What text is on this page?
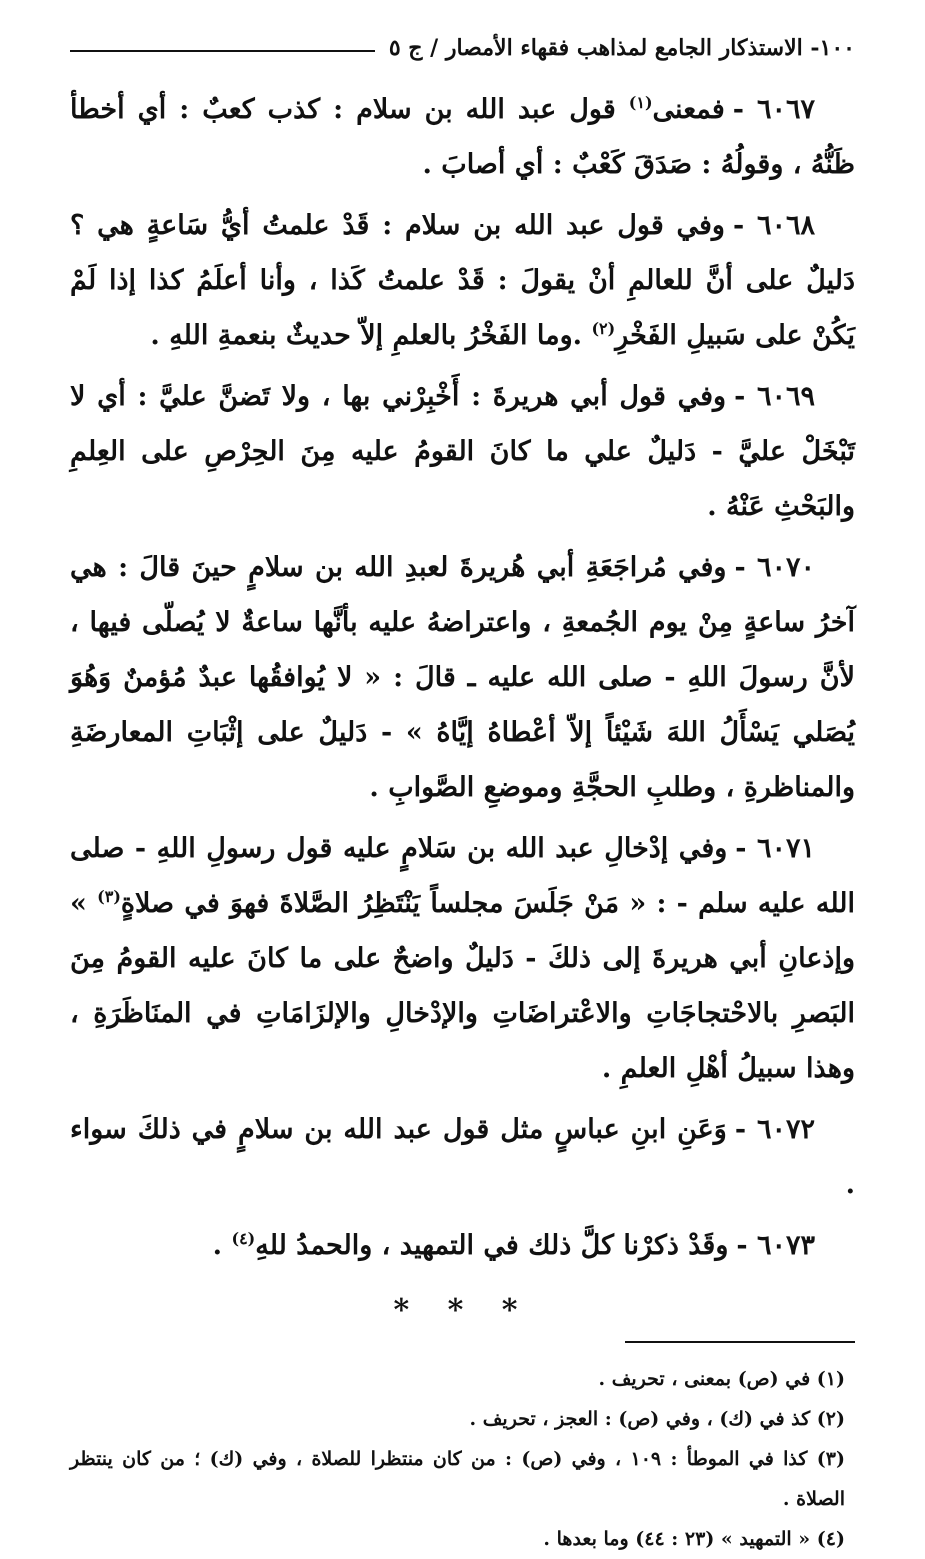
١٠٠- الاستذكار الجامع لمذاهب فقهاء الأمصار / ج ٥

٦٠٦٧ -فمعنى$^{(١)}$ قول عبد الله بن سلام : كذب كعبٌ : أي أخطأ ظَنُّهُ ، وقولُهُ : صَدَقَ كَعْبٌ : أي أصابَ .

٦٠٦٨ -وفي قول عبد الله بن سلام : قَدْ علمتُ أيُّ سَاعةٍ هي ؟ دَليلٌ على أنَّ للعالمِ أنْ يقولَ : قَدْ علمتُ كَذا ، وأنا أعلَمُ كذا إذا لَمْ يَكُنْ على سَبيلِ الفَخْرِ$^{(٢)}$ .وما الفَخْرُ بالعلمِ إلاّ حديثٌ بنعمةِ اللهِ .

٦٠٦٩ -وفي قول أبي هريرةَ : أَخْبِرْني بها ، ولا تَضنَّ عليَّ : أي لا تَبْخَلْ عليَّ - دَليلٌ علي ما كانَ القومُ عليه مِنَ الحِرْصِ على العِلمِ والبَحْثِ عَنْهُ .

٦٠٧٠ -وفي مُراجَعَةِ أبي هُريرةَ لعبدِ الله بن سلامٍ حينَ قالَ : هي آخرُ ساعةٍ مِنْ يوم الجُمعةِ ، واعتراضهُ عليه بأنَّها ساعةٌ لا يُصلّى فيها ، لأنَّ رسولَ اللهِ - صلى الله عليه ـ قالَ : « لا يُوافقُها عبدٌ مُؤمنٌ وَهُوَ يُصَلي يَسْأَلُ اللهَ شَيْئاً إلاّ أعْطاهُ إيَّاهُ » - دَليلٌ على إثْبَاتِ المعارضَةِ والمناظرةِ ، وطلبِ الحجَّةِ وموضعِ الصَّوابِ .

٦٠٧١ -وفي إدْخالِ عبد الله بن سَلامٍ عليه قول رسولِ اللهِ - صلى الله عليه سلم - : « مَنْ جَلَسَ مجلساً يَنْتَظِرُ الصَّلاةَ فهوَ في صلاةٍ$^{(٣)}$ » وإذعانِ أبي هريرةَ إلى ذلكَ - دَليلٌ واضحٌ على ما كانَ عليه القومُ مِنَ البَصرِ بالاحْتجاجَاتِ والاعْتراضَاتِ والإدْخالِ والإلزَامَاتِ في المنَاظَرَةِ ، وهذا سبيلُ أهْلِ العلمِ .

٦٠٧٢ -وَعَنِ ابنِ عباسٍ مثل قول عبد الله بن سلامٍ في ذلكَ سواء .

٦٠٧٣ -وقَدْ ذكرْنا كلَّ ذلك في التمهيد ، والحمدُ للهِ$^{(٤)}$ .

* * *
(١) في (ص) بمعنى ، تحريف .
(٢) كذ في (ك) ، وفي (ص) : العجز ، تحريف .
(٣) كذا في الموطأ : ١٠٩ ، وفي (ص) : من كان منتظرا للصلاة ، وفي (ك) ؛ من كان ينتظر الصلاة .
(٤) « التمهيد » (٢٣ : ٤٤) وما بعدها .
